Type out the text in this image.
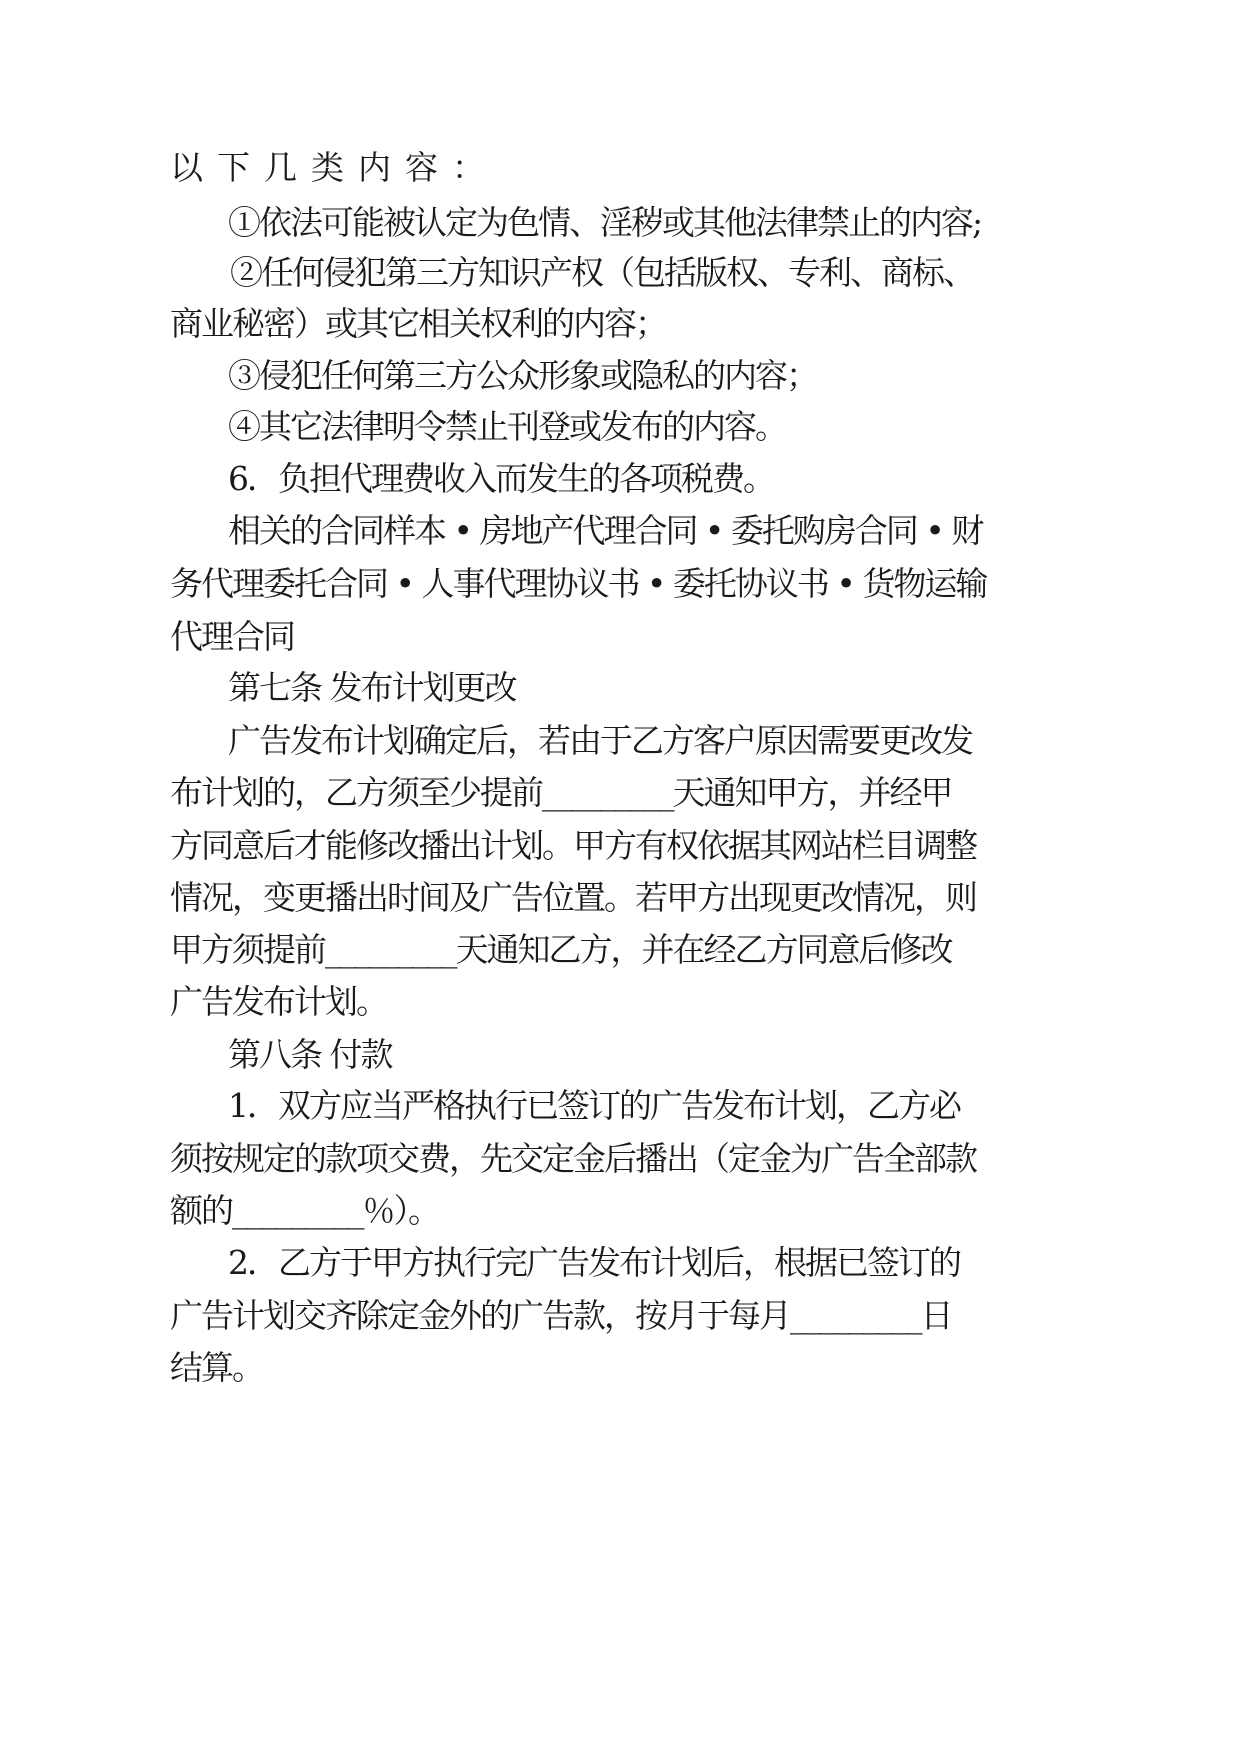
以下几类内容：
①依法可能被认定为色情、淫秽或其他法律禁止的内容;
②任何侵犯第三方知识产权（包括版权、专利、商标、
商业秘密）或其它相关权利的内容；
③侵犯任何第三方公众形象或隐私的内容；
④其它法律明令禁止刊登或发布的内容。
6．负担代理费收入而发生的各项税费。
相关的合同样本 • 房地产代理合同 • 委托购房合同 • 财
务代理委托合同 • 人事代理协议书 • 委托协议书 • 货物运输
代理合同
第七条 发布计划更改
广告发布计划确定后，若由于乙方客户原因需要更改发
布计划的，乙方须至少提前_________天通知甲方，并经甲
方同意后才能修改播出计划。甲方有权依据其网站栏目调整
情况，变更播出时间及广告位置。若甲方出现更改情况，则
甲方须提前_________天通知乙方，并在经乙方同意后修改
广告发布计划。
第八条 付款
1．双方应当严格执行已签订的广告发布计划，乙方必
须按规定的款项交费，先交定金后播出（定金为广告全部款
额的_________％）。
2．乙方于甲方执行完广告发布计划后，根据已签订的
广告计划交齐除定金外的广告款，按月于每月_________日
结算。
